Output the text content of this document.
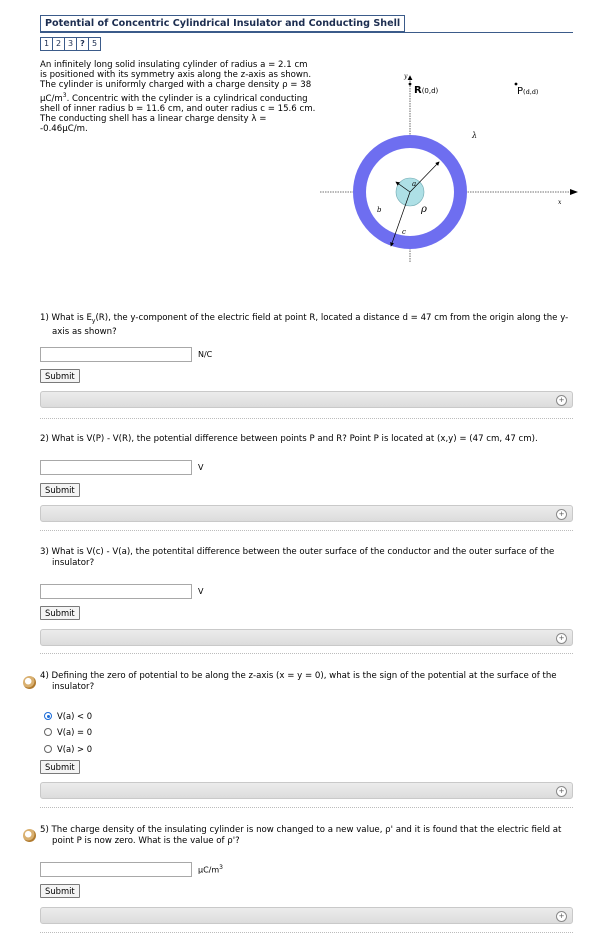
Potential of Concentric Cylindrical Insulator and Conducting Shell
1 2 3 ? 5
An infinitely long solid insulating cylinder of radius a = 2.1 cm
is positioned with its symmetry axis along the z-axis as shown.
The cylinder is uniformly charged with a charge density ρ = 38
$\mu C/m^3$. Concentric with the cylinder is a cylindrical conducting
shell of inner radius b = 11.6 cm, and outer radius c = 15.6 cm.
The conducting shell has a linear charge density λ =
-0.46μC/m.
a
b
c
ρ
λ
y
x
R(0,d)	P(d,d)
1) What is $E_y(R)$, the y-component of the electric field at point R, located a distance d = 47 cm from the origin along the y-axis as shown?
N/C
Submit
+
2) What is V(P) - V(R), the potential difference between points P and R? Point P is located at (x,y) = (47 cm, 47 cm).
V
Submit
+
3) What is V(c) - V(a), the potentital difference between the outer surface of the conductor and the outer surface of the insulator?
V
Submit
+
4) Defining the zero of potential to be along the z-axis (x = y = 0), what is the sign of the potential at the surface of the insulator?
V(a) < 0
V(a) = 0
V(a) > 0
Submit
+
5) The charge density of the insulating cylinder is now changed to a new value, ρ' and it is found that the electric field at point P is now zero. What is the value of ρ'?
$\mu C/m^3$
Submit
+
